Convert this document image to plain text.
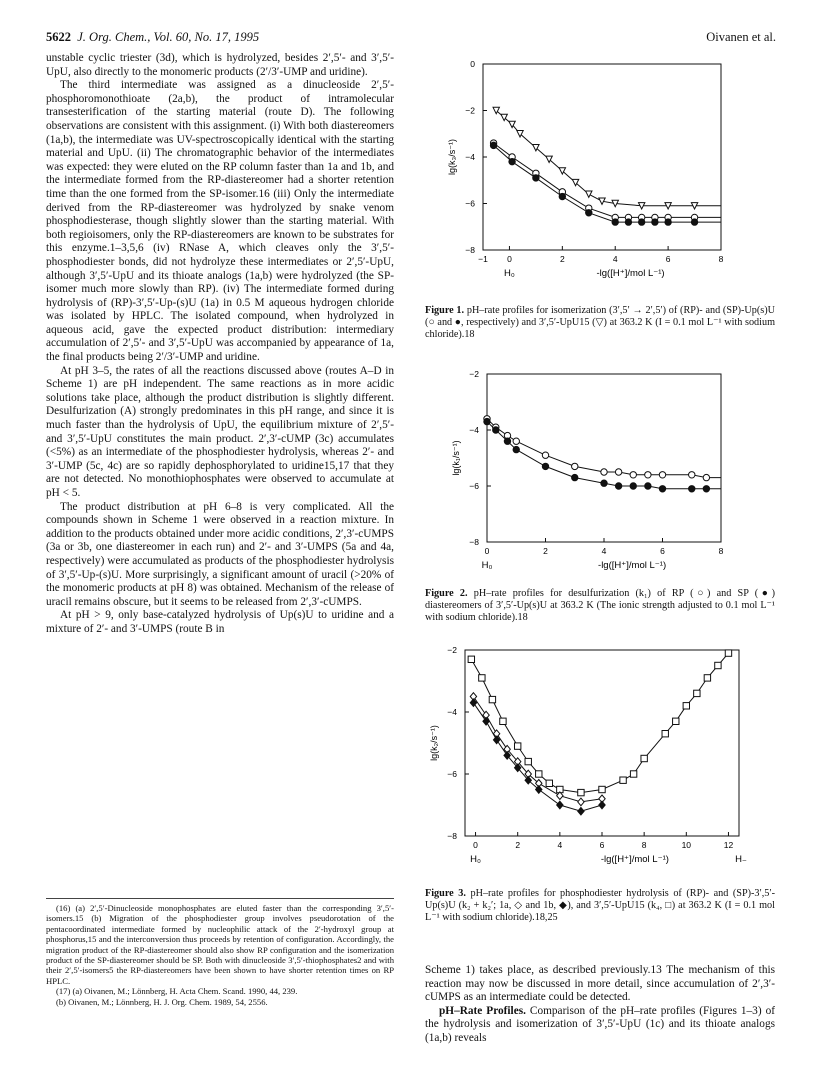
5622 J. Org. Chem., Vol. 60, No. 17, 1995	Oivanen et al.

unstable cyclic triester (3d), which is hydrolyzed, besides 2′,5′- and 3′,5′-UpU, also directly to the monomeric products (2′/3′-UMP and uridine).

The third intermediate was assigned as a dinucleoside 2′,5′-phosphoromonothioate (2a,b), the product of intramolecular transesterification of the starting material (route D). The following observations are consistent with this assignment. (i) With both diastereomers (1a,b), the intermediate was UV-spectroscopically identical with the starting material and UpU. (ii) The chromatographic behavior of the intermediates was expected: they were eluted on the RP column faster than 1a and 1b, and the intermediate formed from the RP-diastereomer had a shorter retention time than the one formed from the SP-isomer.16 (iii) Only the intermediate derived from the RP-diastereomer was hydrolyzed by snake venom phosphodiesterase, though slightly slower than the starting material. With both regioisomers, only the RP-diastereomers are known to be substrates for this enzyme.1–3,5,6 (iv) RNase A, which cleaves only the 3′,5′-phosphodiester bonds, did not hydrolyze these intermediates or 2′,5′-UpU, although 3′,5′-UpU and its thioate analogs (1a,b) were hydrolyzed (the SP-isomer much more slowly than RP). (iv) The intermediate formed during hydrolysis of (RP)-3′,5′-Up-(s)U (1a) in 0.5 M aqueous hydrogen chloride was isolated by HPLC. The isolated compound, when hydrolyzed in aqueous acid, gave the expected product distribution: intermediary accumulation of 2′,5′- and 3′,5′-UpU was accompanied by appearance of 1a, the final products being 2′/3′-UMP and uridine.

At pH 3–5, the rates of all the reactions discussed above (routes A–D in Scheme 1) are pH independent. The same reactions as in more acidic solutions take place, although the product distribution is slightly different. Desulfurization (A) strongly predominates in this pH range, and since it is much faster than the hydrolysis of UpU, the equilibrium mixture of 2′,5′- and 3′,5′-UpU constitutes the main product. 2′,3′-cUMP (3c) accumulates (<5%) as an intermediate of the phosphodiester hydrolysis, whereas 2′- and 3′-UMP (5c, 4c) are so rapidly dephosphorylated to uridine15,17 that they are not detected. No monothiophosphates were observed to accumulate at pH < 5.

The product distribution at pH 6–8 is very complicated. All the compounds shown in Scheme 1 were observed in a reaction mixture. In addition to the products obtained under more acidic conditions, 2′,3′-cUMPS (3a or 3b, one diastereomer in each run) and 2′- and 3′-UMPS (5a and 4a, respectively) were accumulated as products of the phosphodiester hydrolysis of 3′,5′-Up-(s)U. More surprisingly, a significant amount of uracil (>20% of the monomeric products at pH 8) was obtained. Mechanism of the release of uracil remains obscure, but it seems to be released from 2′,3′-cUMPS.

At pH > 9, only base-catalyzed hydrolysis of Up(s)U to uridine and a mixture of 2′- and 3′-UMPS (route B in

(16) (a) 2′,5′-Dinucleoside monophosphates are eluted faster than the corresponding 3′,5′-isomers.15 (b) Migration of the phosphodiester group involves pseudorotation of the pentacoordinated intermediate formed by nucleophilic attack of the 2′-hydroxyl group at phosphorus,15 and the interconversion thus proceeds by retention of configuration. Accordingly, the migration product of the RP-diastereomer should also show RP configuration and the isomerization product of the SP-diastereomer should be SP. Both with dinucleoside 3′,5′-thiophosphates2 and with their 2′,5′-isomers5 the RP-diastereomers have been shown to have shorter retention times on RP HPLC.

(17) (a) Oivanen, M.; Lönnberg, H. Acta Chem. Scand. 1990, 44, 239.

(b) Oivanen, M.; Lönnberg, H. J. Org. Chem. 1989, 54, 2556.

−1 0	2	4	6	8
0
−2
−4
−6
−8
lg(k₃/s⁻¹)
-lg([H⁺]/mol L⁻¹)
H₀
Figure 1. pH–rate profiles for isomerization (3′,5′ → 2′,5′) of (RP)- and (SP)-Up(s)U (○ and ●, respectively) and 3′,5′-UpU15 (▽) at 363.2 K (I = 0.1 mol L⁻¹ with sodium chloride).18
0	2	4	6	8
−2
−4
−6
−8
lg(k₁/s⁻¹)
-lg([H⁺]/mol L⁻¹)
H₀
Figure 2. pH–rate profiles for desulfurization (k₁) of RP (○) and SP (●) diastereomers of 3′,5′-Up(s)U at 363.2 K (The ionic strength adjusted to 0.1 mol L⁻¹ with sodium chloride).18
0	2	4	6	8	10	12
−2
−4
−6
−8
lg(k₂/s⁻¹)
-lg([H⁺]/mol L⁻¹)
H₀	H₋
Figure 3. pH–rate profiles for phosphodiester hydrolysis of (RP)- and (SP)-3′,5′-Up(s)U (k₂ + k₂′; 1a, ◇ and 1b, ◆), and 3′,5′-UpU15 (k₄, □) at 363.2 K (I = 0.1 mol L⁻¹ with sodium chloride).18,25

Scheme 1) takes place, as described previously.13 The mechanism of this reaction may now be discussed in more detail, since accumulation of 2′,3′-cUMPS as an intermediate could be detected.

pH–Rate Profiles. Comparison of the pH–rate profiles (Figures 1–3) of the hydrolysis and isomerization of 3′,5′-UpU (1c) and its thioate analogs (1a,b) reveals
